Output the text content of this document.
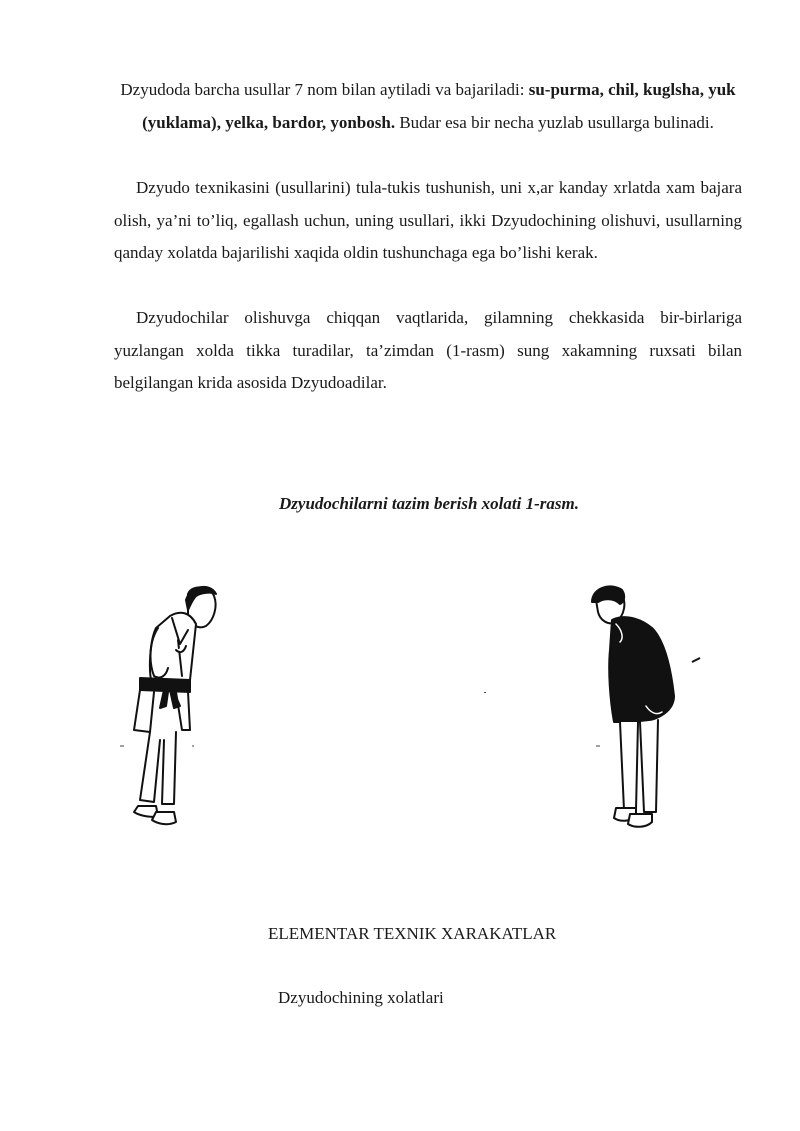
Dzyudoda barcha usullar 7 nom bilan aytiladi va bajariladi: su-purma, chil, kuglsha, yuk (yuklama), yelka, bardor, yonbosh. Budar esa bir necha yuzlab usullarga bulinadi.

Dzyudo texnikasini (usullarini) tula-tukis tushunish, uni x,ar kanday xrlatda xam bajara olish, ya’ni to’liq, egallash uchun, uning usullari, ikki Dzyudochining olishuvi, usullarning qanday xolatda bajarilishi xaqida oldin tushunchaga ega bo’lishi kerak.

Dzyudochilar olishuvga chiqqan vaqtlarida, gilamning chekkasida bir-birlariga yuzlangan xolda tikka turadilar, ta’zimdan (1-rasm) sung xakamning ruxsati bilan belgilangan krida asosida Dzyudoadilar.

Dzyudochilarni tazim berish xolati 1-rasm.
ELEMENTAR TEXNIK XARAKATLAR
Dzyudochining xolatlari
